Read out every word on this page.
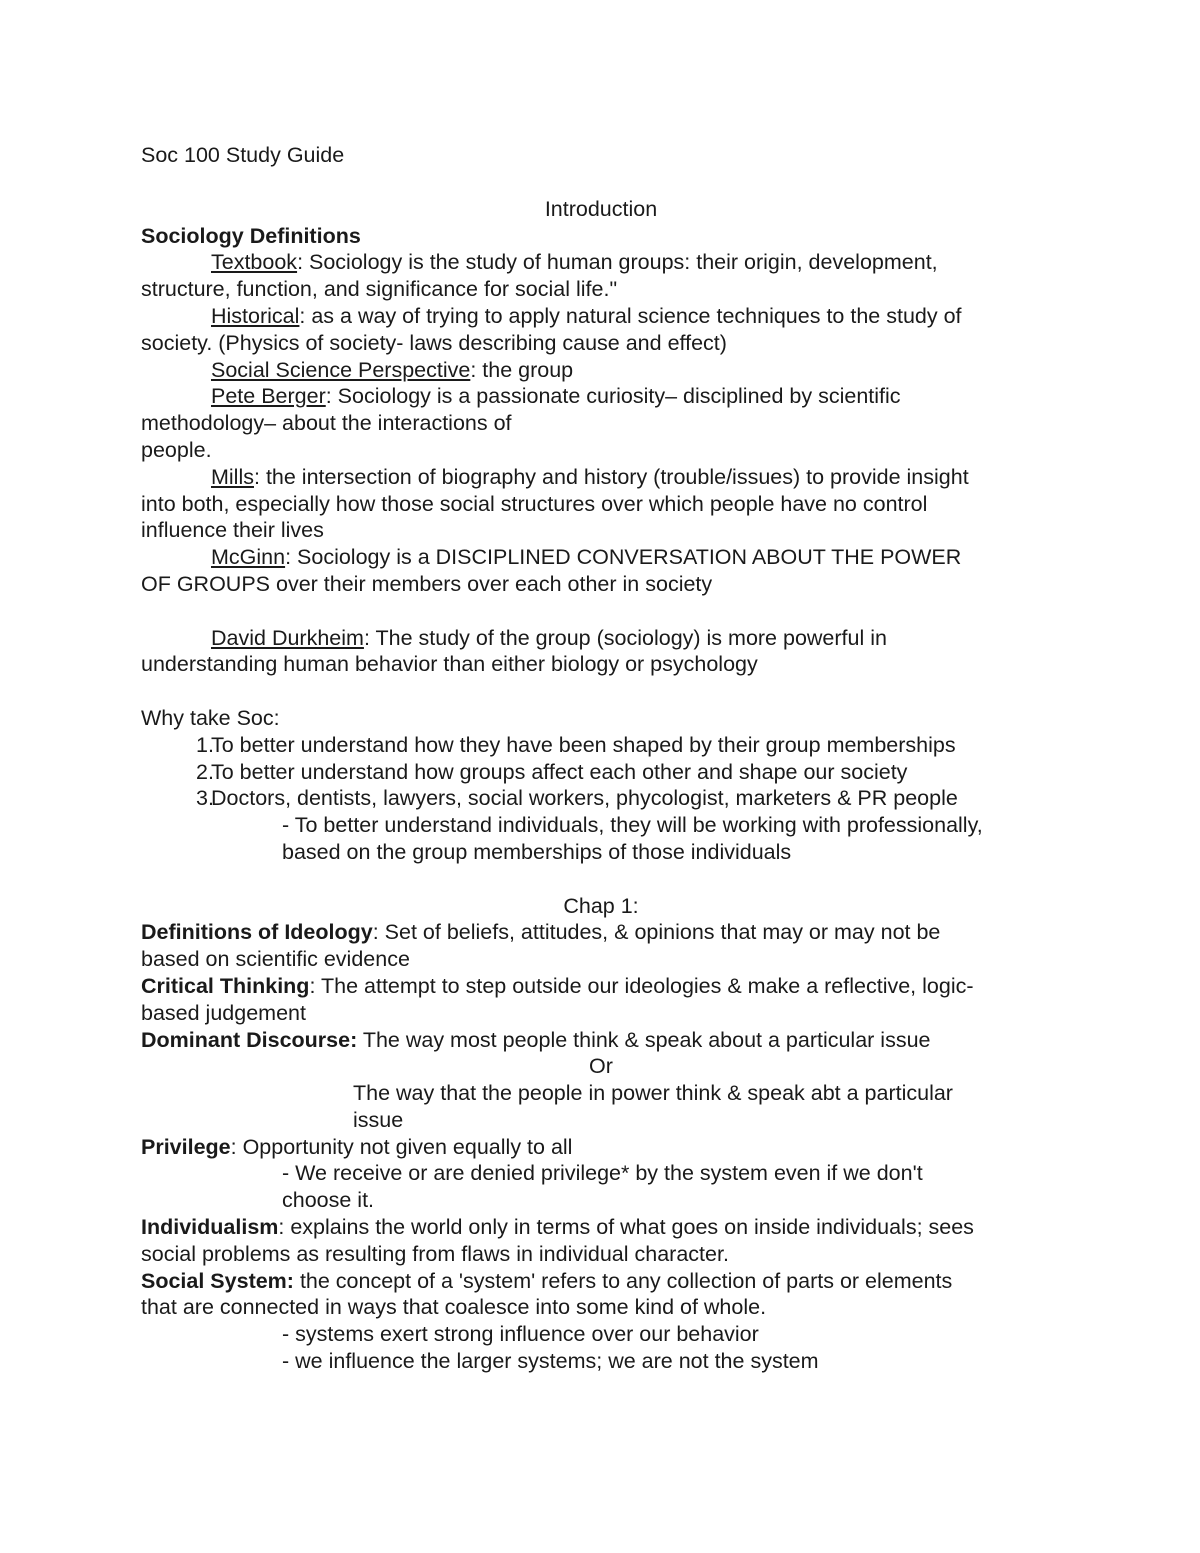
Soc 100 Study Guide

Introduction

Sociology Definitions

Textbook: Sociology is the study of human groups: their origin, development,

structure, function, and significance for social life."

Historical: as a way of trying to apply natural science techniques to the study of

society. (Physics of society- laws describing cause and effect)

Social Science Perspective: the group

Pete Berger: Sociology is a passionate curiosity– disciplined by scientific

methodology– about the interactions of

people.

Mills: the intersection of biography and history (trouble/issues) to provide insight

into both, especially how those social structures over which people have no control

influence their lives

McGinn: Sociology is a DISCIPLINED CONVERSATION ABOUT THE POWER

OF GROUPS over their members over each other in society

David Durkheim: The study of the group (sociology) is more powerful in

understanding human behavior than either biology or psychology

Why take Soc:

1.
To better understand how they have been shaped by their group memberships
2.
To better understand how groups affect each other and shape our society
3.
Doctors, dentists, lawyers, social workers, phycologist, marketers & PR people

- To better understand individuals, they will be working with professionally,

based on the group memberships of those individuals

Chap 1:

Definitions of Ideology: Set of beliefs, attitudes, & opinions that may or may not be

based on scientific evidence

Critical Thinking: The attempt to step outside our ideologies & make a reflective, logic-

based judgement

Dominant Discourse: The way most people think & speak about a particular issue

Or

The way that the people in power think & speak abt a particular

issue

Privilege: Opportunity not given equally to all

- We receive or are denied privilege* by the system even if we don't

choose it.

Individualism: explains the world only in terms of what goes on inside individuals; sees

social problems as resulting from flaws in individual character.

Social System: the concept of a 'system' refers to any collection of parts or elements

that are connected in ways that coalesce into some kind of whole.

- systems exert strong influence over our behavior

- we influence the larger systems; we are not the system
